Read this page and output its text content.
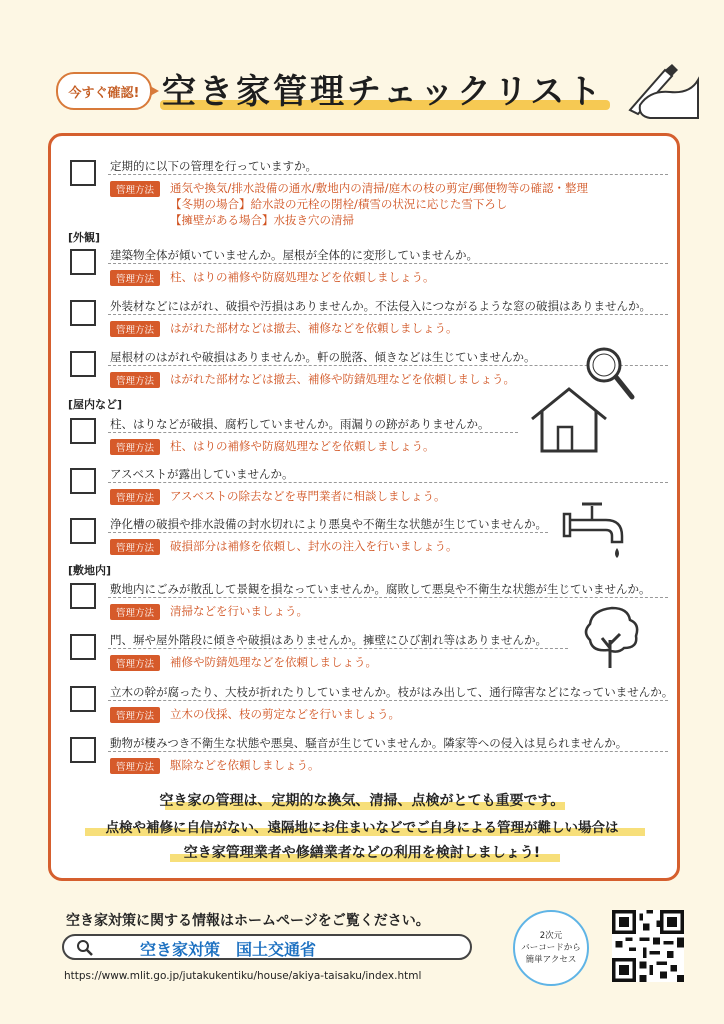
今すぐ確認! 空き家管理チェックリスト
定期的に以下の管理を行っていますか。
管理方法	通気や換気/排水設備の通水/敷地内の清掃/庭木の枝の剪定/郵便物等の確認・整理
【冬期の場合】給水設の元栓の閉栓/積雪の状況に応じた雪下ろし
【擁壁がある場合】水抜き穴の清掃
[外観]
建築物全体が傾いていませんか。屋根が全体的に変形していませんか。
管理方法	柱、はりの補修や防腐処理などを依頼しましょう。
外装材などにはがれ、破損や汚損はありませんか。不法侵入につながるような窓の破損はありませんか。
管理方法	はがれた部材などは撤去、補修などを依頼しましょう。
屋根材のはがれや破損はありませんか。軒の脱落、傾きなどは生じていませんか。
管理方法	はがれた部材などは撤去、補修や防錆処理などを依頼しましょう。
[屋内など]
柱、はりなどが破損、腐朽していませんか。雨漏りの跡がありませんか。
管理方法	柱、はりの補修や防腐処理などを依頼しましょう。
アスベストが露出していませんか。
管理方法	アスベストの除去などを専門業者に相談しましょう。
浄化槽の破損や排水設備の封水切れにより悪臭や不衛生な状態が生じていませんか。
管理方法	破損部分は補修を依頼し、封水の注入を行いましょう。
[敷地内]
敷地内にごみが散乱して景観を損なっていませんか。腐敗して悪臭や不衛生な状態が生じていませんか。
管理方法	清掃などを行いましょう。
門、塀や屋外階段に傾きや破損はありませんか。擁壁にひび割れ等はありませんか。
管理方法	補修や防錆処理などを依頼しましょう。
立木の幹が腐ったり、大枝が折れたりしていませんか。枝がはみ出して、通行障害などになっていませんか。
管理方法	立木の伐採、枝の剪定などを行いましょう。
動物が棲みつき不衛生な状態や悪臭、騒音が生じていませんか。隣家等への侵入は見られませんか。
管理方法	駆除などを依頼しましょう。
空き家の管理は、定期的な換気、清掃、点検がとても重要です。
点検や補修に自信がない、遠隔地にお住まいなどでご自身による管理が難しい場合は
空き家管理業者や修繕業者などの利用を検討しましょう!
空き家対策に関する情報はホームページをご覧ください。
空き家対策　国土交通省
https://www.mlit.go.jp/jutakukentiku/house/akiya-taisaku/index.html
2次元
バーコードから
簡単アクセス
